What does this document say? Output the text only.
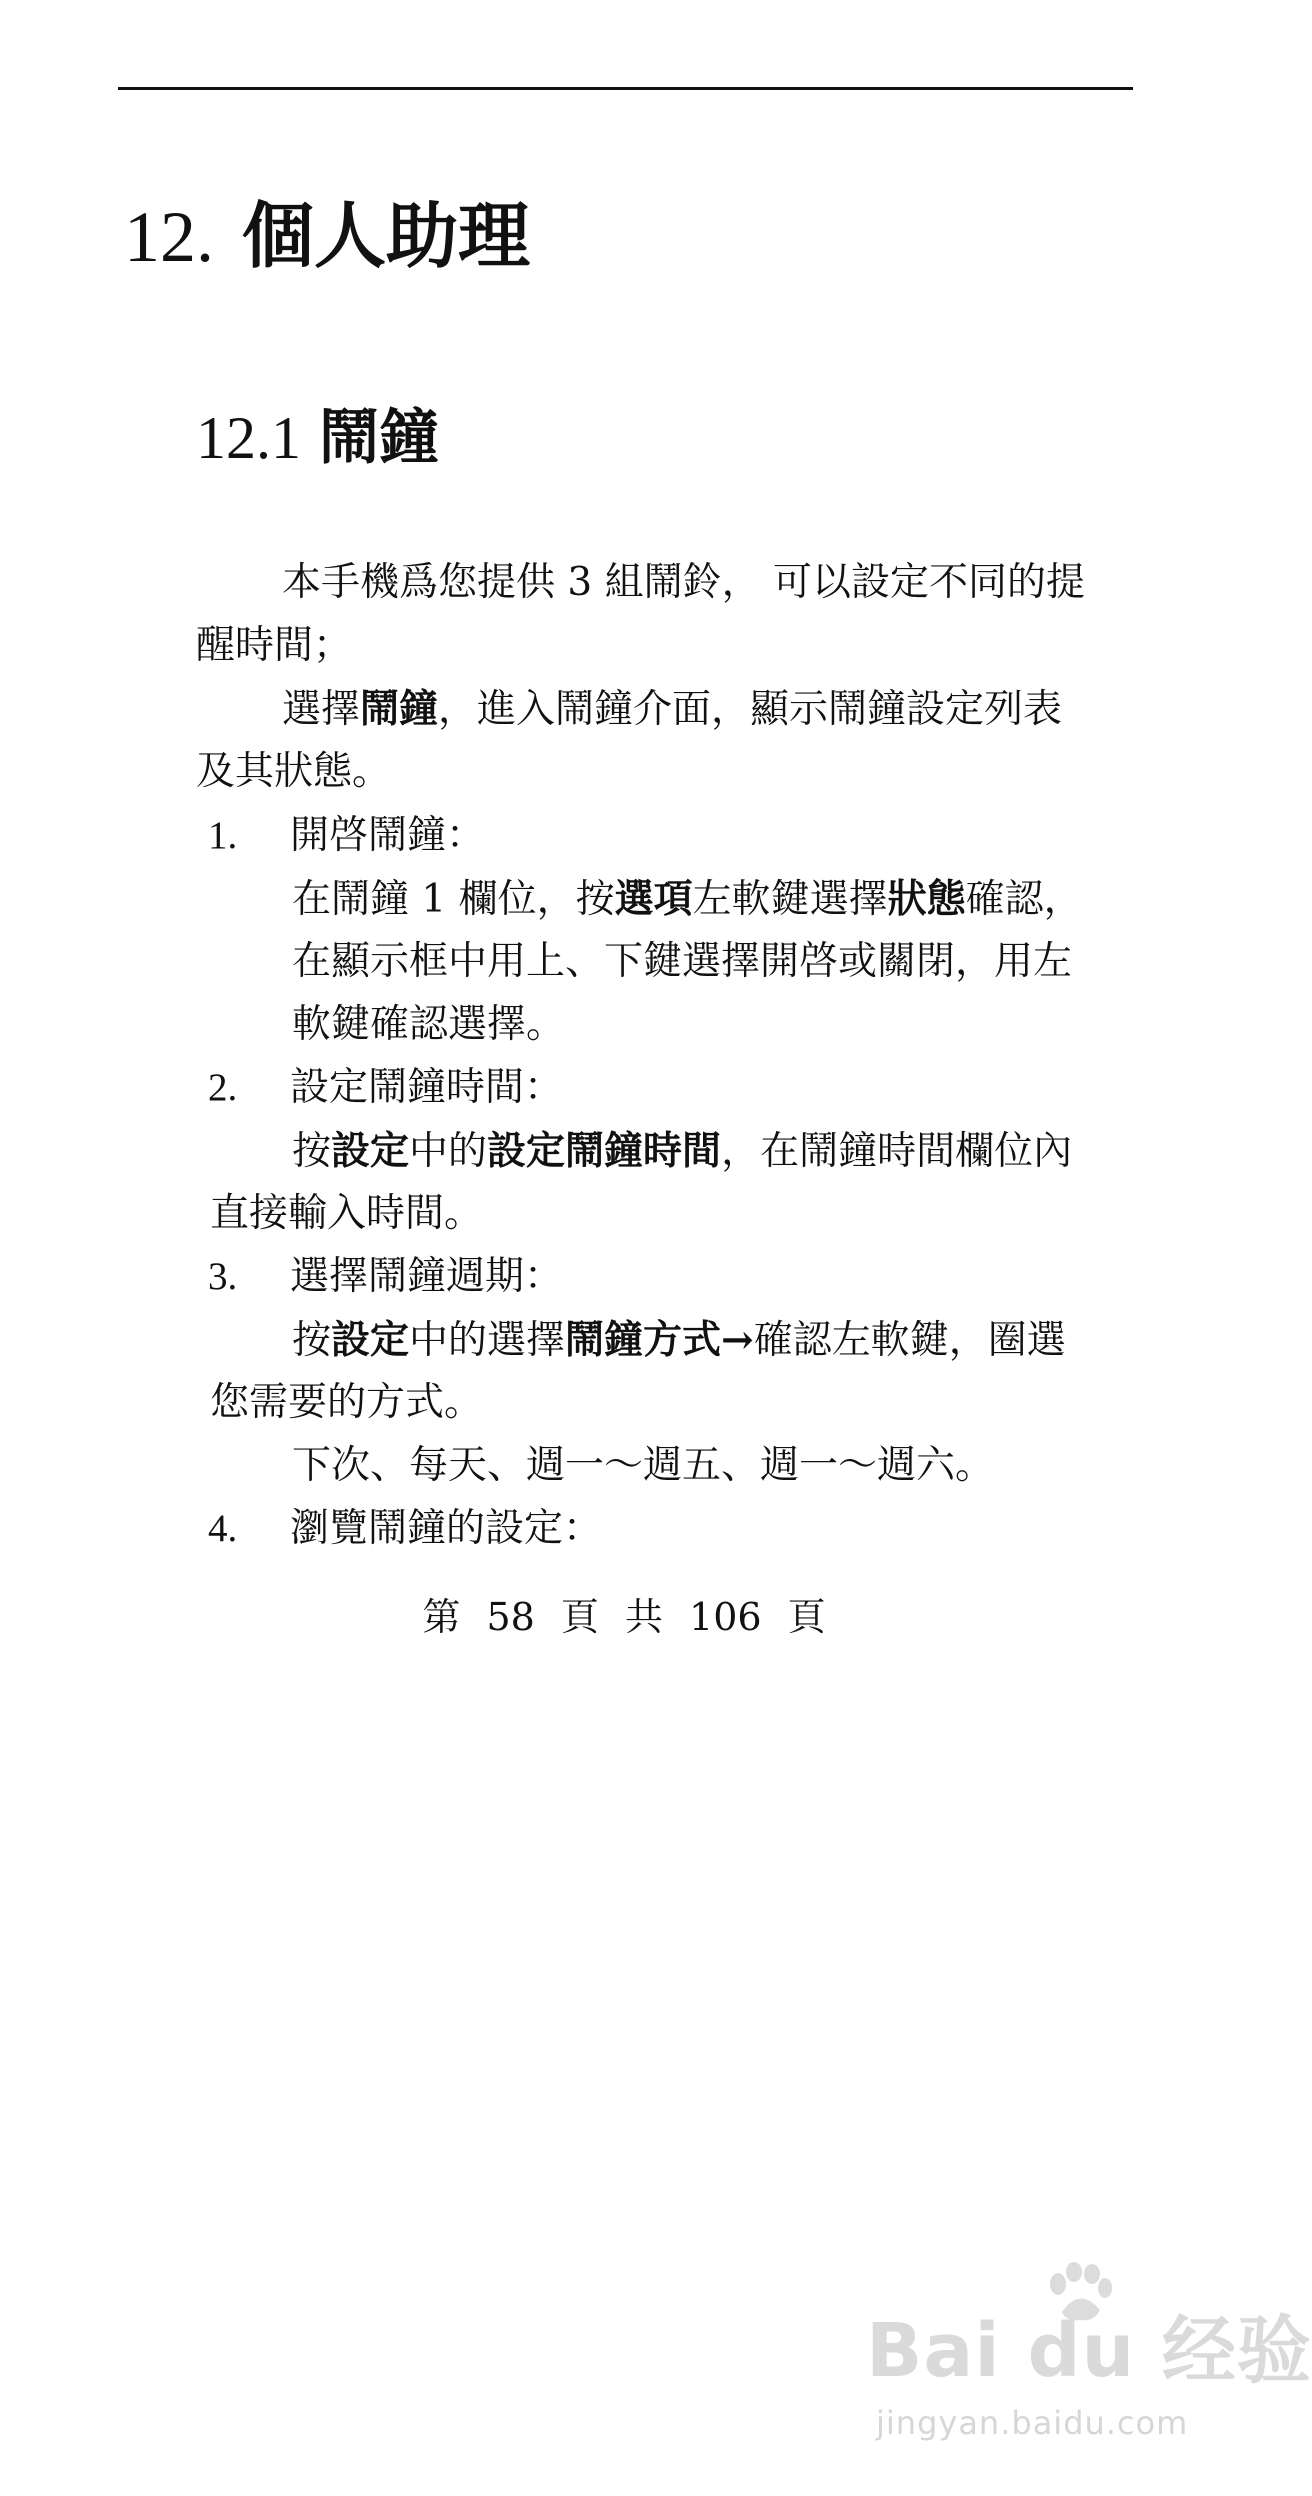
12. 個人助理
12.1 鬧鐘
本手機爲您提供 3 組鬧鈴， 可以設定不同的提
醒時間；
選擇鬧鐘，進入鬧鐘介面，顯示鬧鐘設定列表
及其狀態。
1. 開啓鬧鐘：
在鬧鐘 1 欄位，按選項左軟鍵選擇狀態確認，
在顯示框中用上、下鍵選擇開啓或關閉，用左
軟鍵確認選擇。
2. 設定鬧鐘時間：
按設定中的設定鬧鐘時間，在鬧鐘時間欄位內
直接輸入時間。
3. 選擇鬧鐘週期：
按設定中的選擇鬧鐘方式→確認左軟鍵，圈選
您需要的方式。
下次、每天、週一～週五、週一～週六。
4. 瀏覽鬧鐘的設定：
第 58 頁 共 106 頁
Bai du 经验
jingyan.baidu.com
